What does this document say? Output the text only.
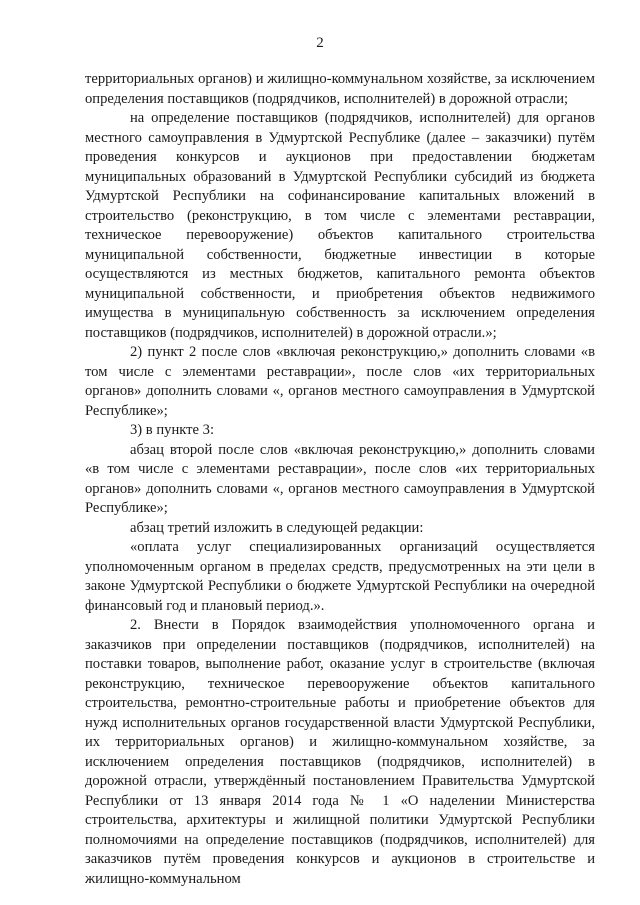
2

территориальных органов) и жилищно-коммунальном хозяйстве, за исключением определения поставщиков (подрядчиков, исполнителей) в дорожной отрасли;

на определение поставщиков (подрядчиков, исполнителей) для органов местного самоуправления в Удмуртской Республике (далее – заказчики) путём проведения конкурсов и аукционов при предоставлении бюджетам муниципальных образований в Удмуртской Республики субсидий из бюджета Удмуртской Республики на софинансирование капитальных вложений в строительство (реконструкцию, в том числе с элементами реставрации, техническое перевооружение) объектов капитального строительства муниципальной собственности, бюджетные инвестиции в которые осуществляются из местных бюджетов, капитального ремонта объектов муниципальной собственности, и приобретения объектов недвижимого имущества в муниципальную собственность за исключением определения поставщиков (подрядчиков, исполнителей) в дорожной отрасли.»;

2) пункт 2 после слов «включая реконструкцию,» дополнить словами «в том числе с элементами реставрации», после слов «их территориальных органов» дополнить словами «, органов местного самоуправления в Удмуртской Республике»;

3) в пункте 3:

абзац второй после слов «включая реконструкцию,» дополнить словами «в том числе с элементами реставрации», после слов «их территориальных органов» дополнить словами «, органов местного самоуправления в Удмуртской Республике»;

абзац третий изложить в следующей редакции:

«оплата услуг специализированных организаций осуществляется уполномоченным органом в пределах средств, предусмотренных на эти цели в законе Удмуртской Республики о бюджете Удмуртской Республики на очередной финансовый год и плановый период.».

2. Внести в Порядок взаимодействия уполномоченного органа и заказчиков при определении поставщиков (подрядчиков, исполнителей) на поставки товаров, выполнение работ, оказание услуг в строительстве (включая реконструкцию, техническое перевооружение объектов капитального строительства, ремонтно-строительные работы и приобретение объектов для нужд исполнительных органов государственной власти Удмуртской Республики, их территориальных органов) и жилищно-коммунальном хозяйстве, за исключением определения поставщиков (подрядчиков, исполнителей) в дорожной отрасли, утверждённый постановлением Правительства Удмуртской Республики от 13 января 2014 года № 1 «О наделении Министерства строительства, архитектуры и жилищной политики Удмуртской Республики полномочиями на определение поставщиков (подрядчиков, исполнителей) для заказчиков путём проведения конкурсов и аукционов в строительстве и жилищно-коммунальном
